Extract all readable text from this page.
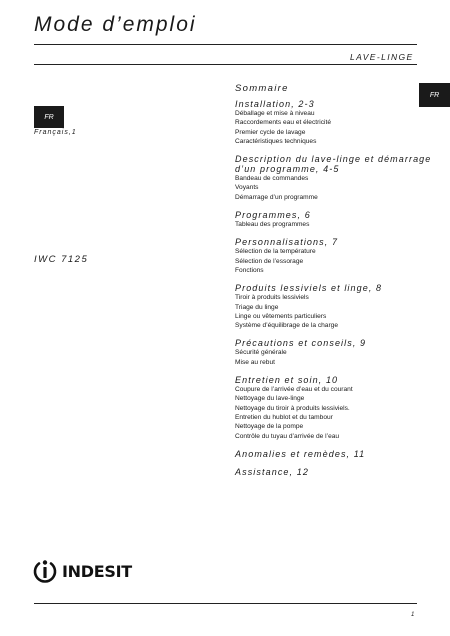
Mode d’emploi
LAVE-LINGE
FR
FR
Français,1
IWC 7125
Sommaire
Installation, 2-3
Déballage et mise à niveau
Raccordements eau et électricité
Premier cycle de lavage
Caractéristiques techniques
Description du lave-linge et démarrage d’un programme, 4-5
Bandeau de commandes
Voyants
Démarrage d’un programme
Programmes, 6
Tableau des programmes
Personnalisations, 7
Sélection de la température
Sélection de l’essorage
Fonctions
Produits lessiviels et linge, 8
Tiroir à produits lessiviels
Triage du linge
Linge ou vêtements particuliers
Système d’équilibrage de la charge
Précautions et conseils, 9
Sécurité générale
Mise au rebut
Entretien et soin, 10
Coupure de l’arrivée d’eau et du courant
Nettoyage du lave-linge
Nettoyage du tiroir à produits lessiviels.
Entretien du hublot et du tambour
Nettoyage de la pompe
Contrôle du tuyau d’arrivée de l’eau
Anomalies et remèdes, 11
Assistance, 12
INDESIT
1
